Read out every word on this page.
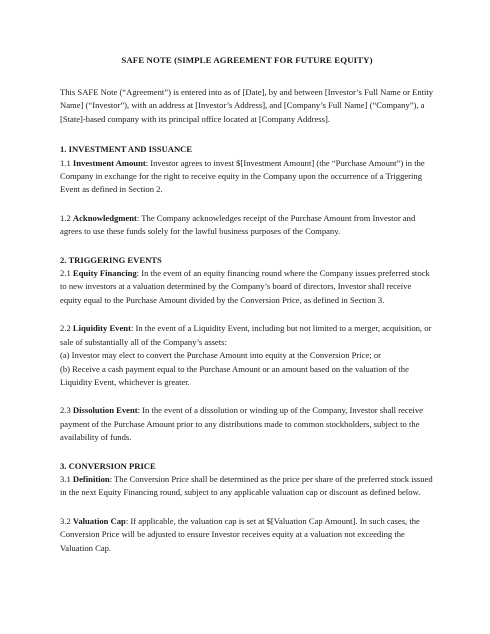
SAFE NOTE (SIMPLE AGREEMENT FOR FUTURE EQUITY)

This SAFE Note (“Agreement”) is entered into as of [Date], by and between [Investor’s Full Name or Entity Name] (“Investor”), with an address at [Investor’s Address], and [Company’s Full Name] (“Company”), a [State]-based company with its principal office located at [Company Address].

1. INVESTMENT AND ISSUANCE

1.1 Investment Amount: Investor agrees to invest $[Investment Amount] (the “Purchase Amount”) in the Company in exchange for the right to receive equity in the Company upon the occurrence of a Triggering Event as defined in Section 2.

1.2 Acknowledgment: The Company acknowledges receipt of the Purchase Amount from Investor and agrees to use these funds solely for the lawful business purposes of the Company.

2. TRIGGERING EVENTS

2.1 Equity Financing: In the event of an equity financing round where the Company issues preferred stock to new investors at a valuation determined by the Company’s board of directors, Investor shall receive equity equal to the Purchase Amount divided by the Conversion Price, as defined in Section 3.

2.2 Liquidity Event: In the event of a Liquidity Event, including but not limited to a merger, acquisition, or sale of substantially all of the Company’s assets:

(a) Investor may elect to convert the Purchase Amount into equity at the Conversion Price; or

(b) Receive a cash payment equal to the Purchase Amount or an amount based on the valuation of the Liquidity Event, whichever is greater.

2.3 Dissolution Event: In the event of a dissolution or winding up of the Company, Investor shall receive payment of the Purchase Amount prior to any distributions made to common stockholders, subject to the availability of funds.

3. CONVERSION PRICE

3.1 Definition: The Conversion Price shall be determined as the price per share of the preferred stock issued in the next Equity Financing round, subject to any applicable valuation cap or discount as defined below.

3.2 Valuation Cap: If applicable, the valuation cap is set at $[Valuation Cap Amount]. In such cases, the Conversion Price will be adjusted to ensure Investor receives equity at a valuation not exceeding the Valuation Cap.
